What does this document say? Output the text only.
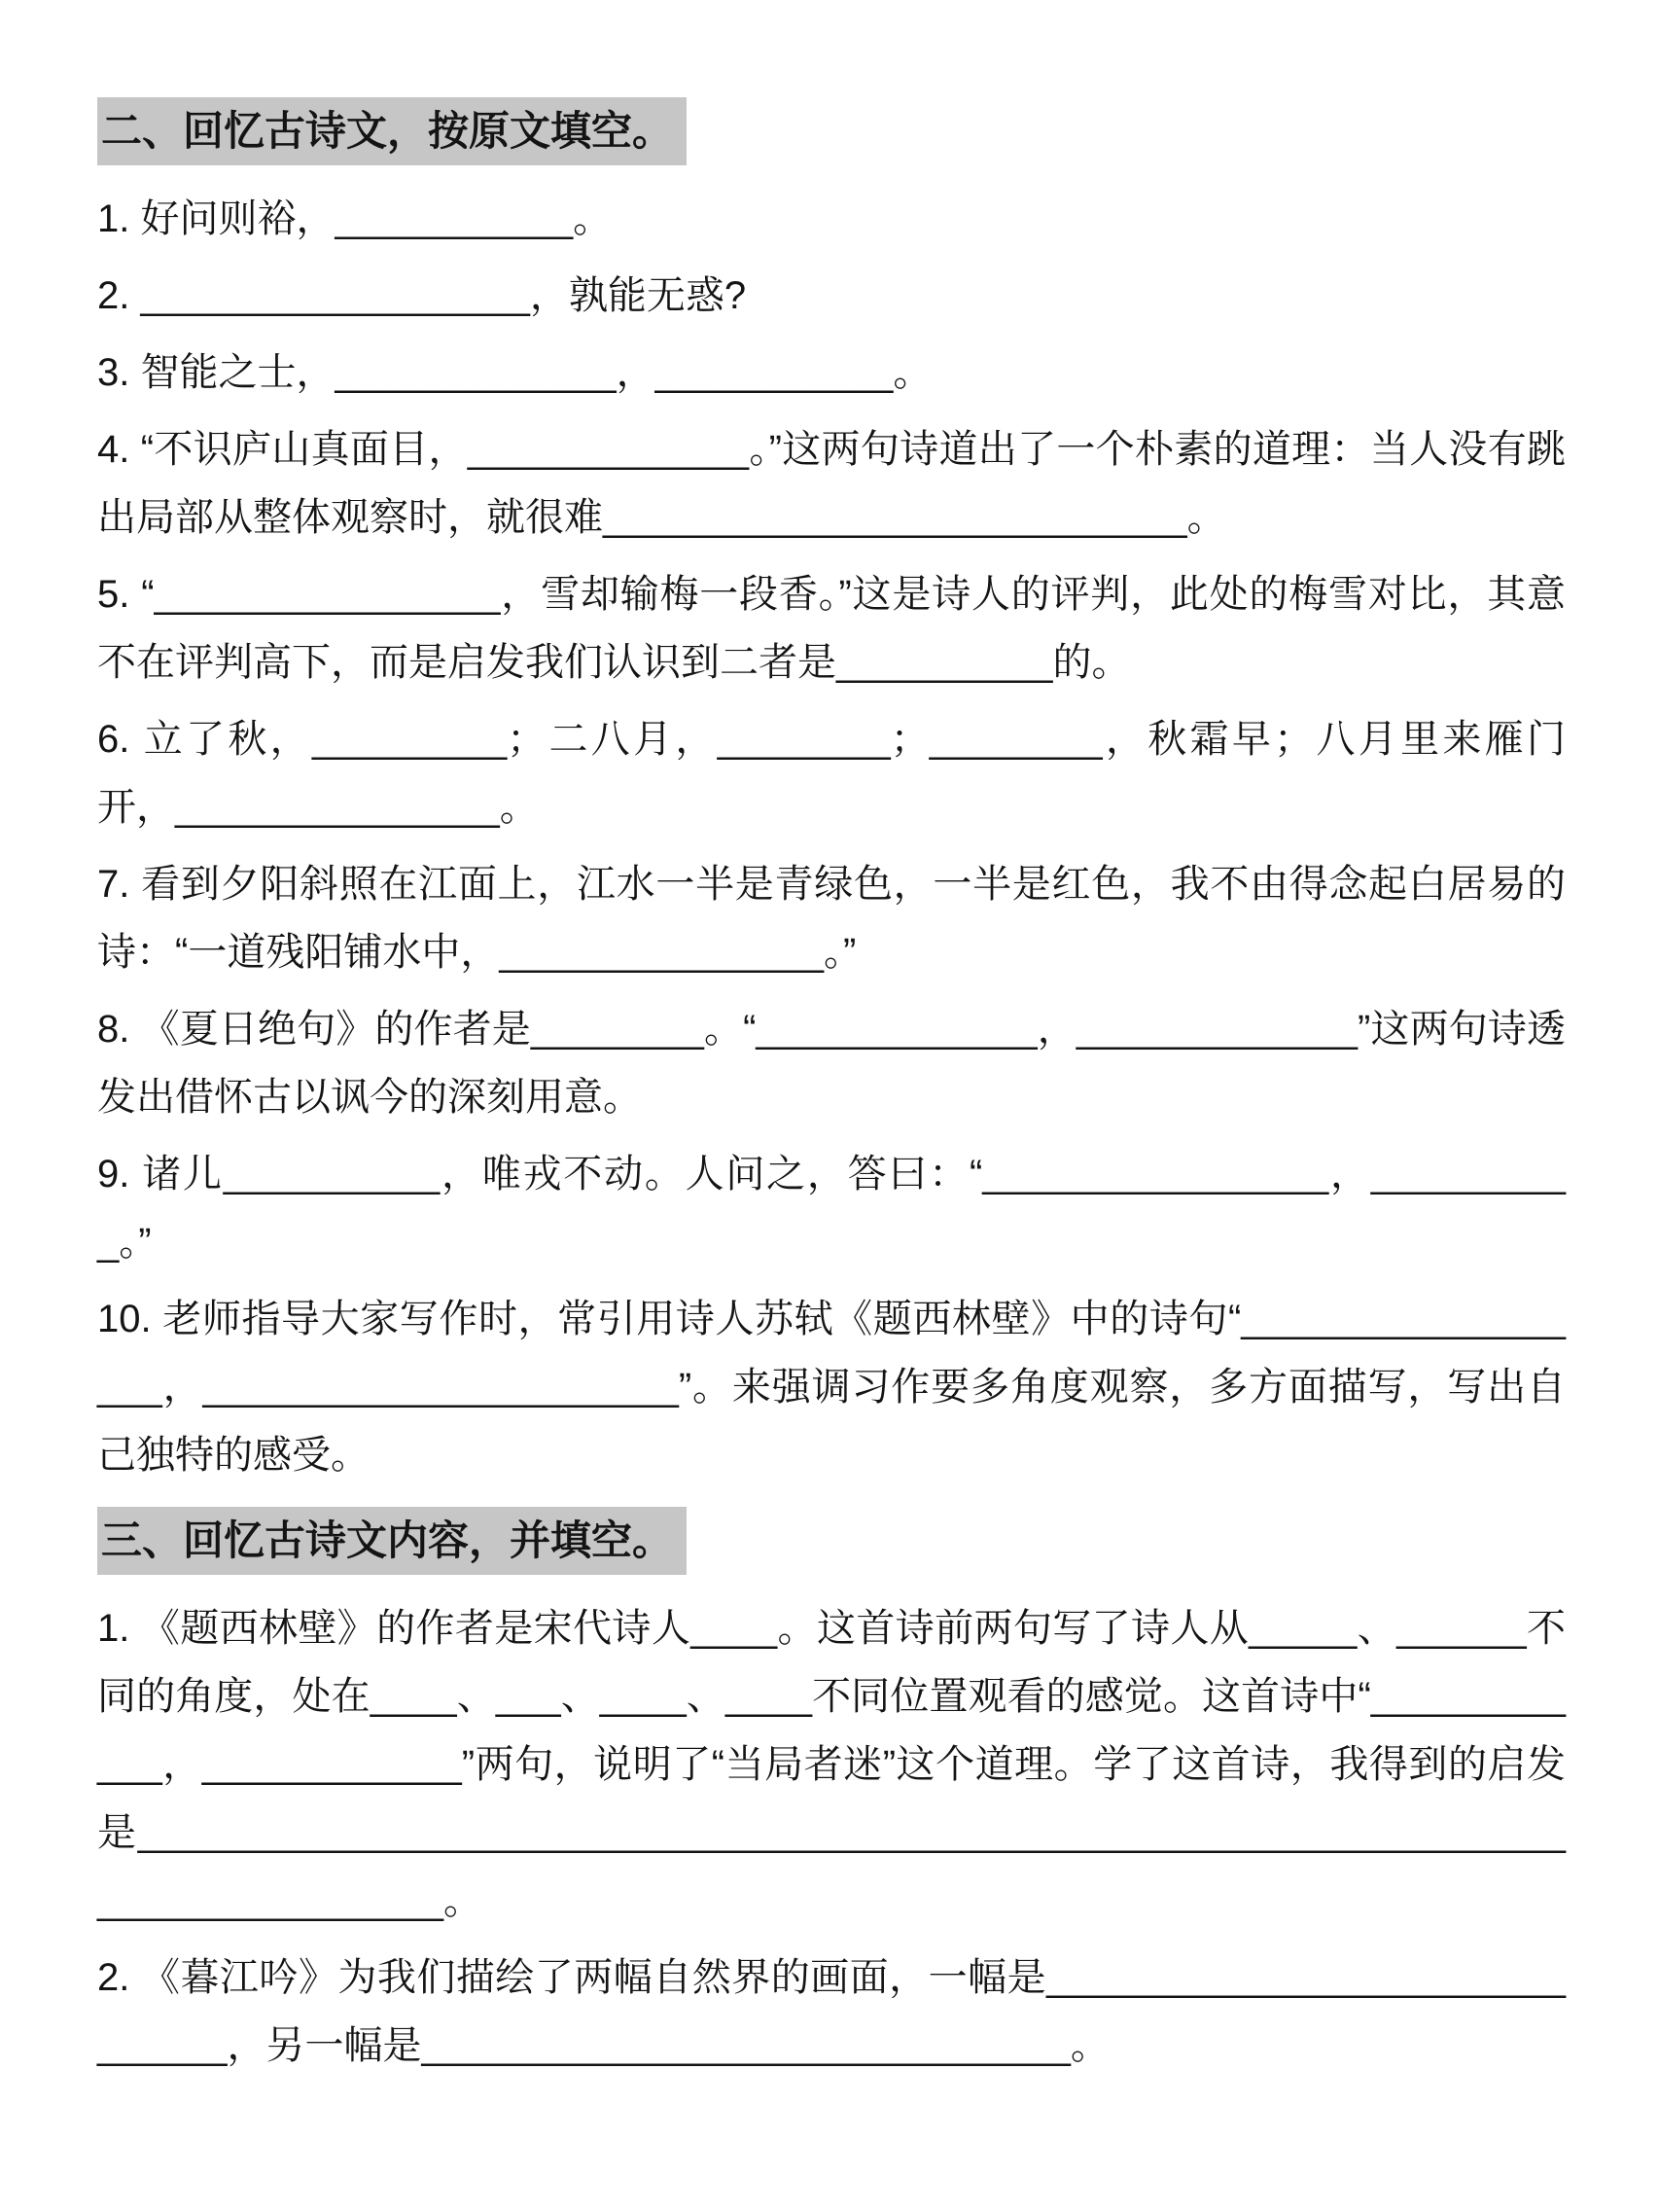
二、回忆古诗文，按原文填空。

1. 好问则裕，___________。

2. __________________，孰能无惑?

3. 智能之士，_____________，___________。

4. “不识庐山真面目，_____________。”这两句诗道出了一个朴素的道理：当人没有跳出局部从整体观察时，就很难___________________________。

5. “________________，雪却输梅一段香。”这是诗人的评判，此处的梅雪对比，其意不在评判高下，而是启发我们认识到二者是__________的。

6. 立了秋，_________；二八月，________；________，秋霜早；八月里来雁门开，_______________。

7. 看到夕阳斜照在江面上，江水一半是青绿色，一半是红色，我不由得念起白居易的诗：“一道残阳铺水中，_______________。”

8. 《夏日绝句》的作者是________。“_____________，_____________”这两句诗透发出借怀古以讽今的深刻用意。

9. 诸儿__________，唯戎不动。人问之，答曰：“________________，__________。”

10. 老师指导大家写作时，常引用诗人苏轼《题西林壁》中的诗句“__________________，______________________”。来强调习作要多角度观察，多方面描写，写出自己独特的感受。

三、回忆古诗文内容，并填空。

1. 《题西林壁》的作者是宋代诗人____。这首诗前两句写了诗人从_____、______不同的角度，处在____、___、____、____不同位置观看的感觉。这首诗中“____________，____________”两句，说明了“当局者迷”这个道理。学了这首诗，我得到的启发是__________________________________________________________________________________。

2. 《暮江吟》为我们描绘了两幅自然界的画面，一幅是______________________________，另一幅是______________________________。
